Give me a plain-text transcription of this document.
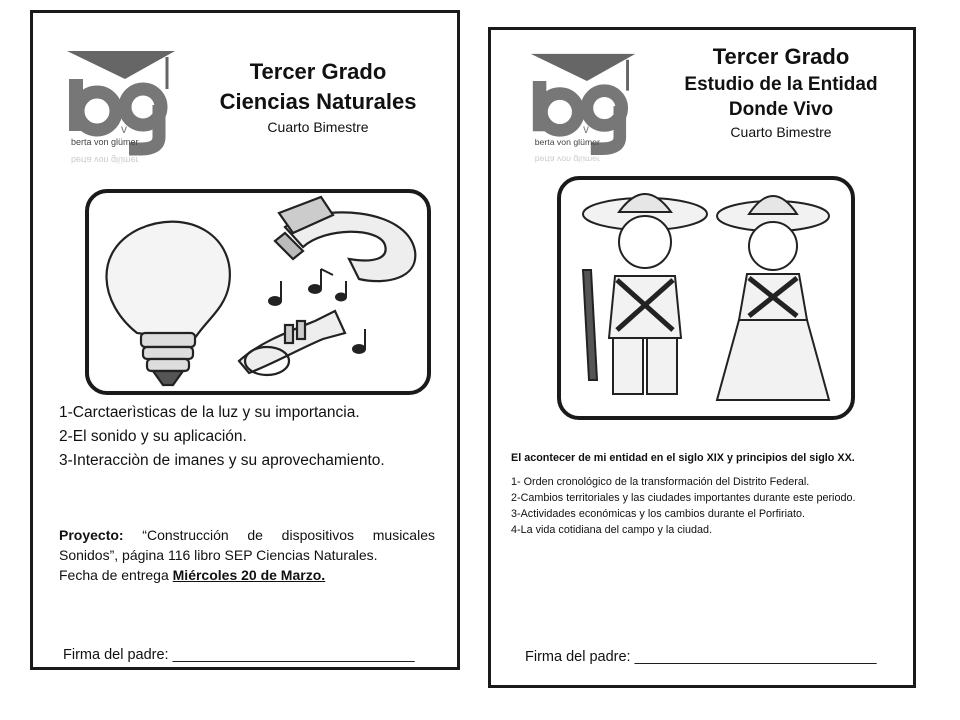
v
berta von glümer
berta von glümer
Tercer Grado
Ciencias Naturales
Cuarto Bimestre

1-Carctaerìsticas de la luz y su importancia.

2-El sonido y su aplicación.

3-Interacciòn de imanes y su aprovechamiento.

Proyecto: “Construcción de dispositivos musicales Sonidos”, página 116 libro SEP Ciencias Naturales.

Fecha de entrega Miércoles 20 de Marzo.

Firma del padre: ______________________________
v
berta von glümer
berta von glümer
Tercer Grado
Estudio de la Entidad
Donde Vivo
Cuarto Bimestre

El acontecer de mi entidad en el siglo XIX y principios del siglo XX.

1- Orden cronológico de la transformación del Distrito Federal.

2-Cambios territoriales y las ciudades importantes durante este periodo.

3-Actividades económicas y los cambios durante el Porfiriato.

4-La vida cotidiana del campo y la ciudad.

Firma del padre: ______________________________
